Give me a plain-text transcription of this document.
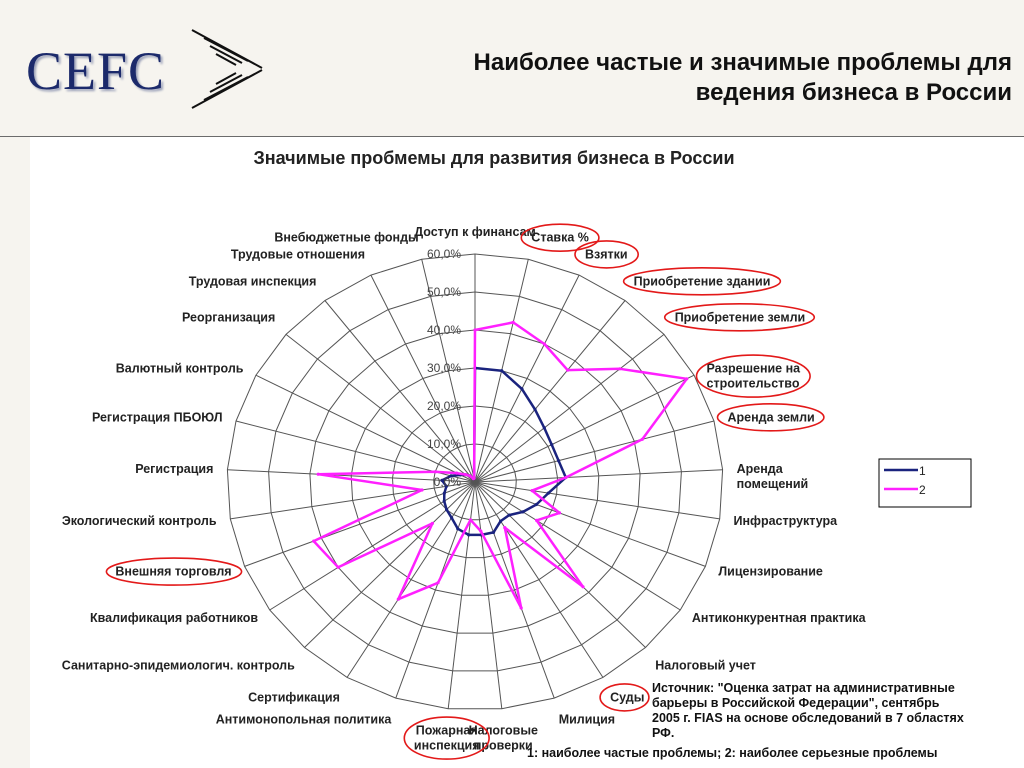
CEFC	Наиболее частые и значимые проблемы для
ведения бизнеса в России
Значимые пробмемы для развития бизнеса в России
0,0%
10,0%
20,0%
30,0%
40,0%
50,0%
60,0%
Доступ к финансам
Ставка %
Взятки
Приобретение здании
Приобретение земли
Разрешение на строительство
Аренда земли
Аренда помещений
Инфраструктура
Лицензирование
Антиконкурентная практика
Налоговый учет
Суды
Милиция
Налоговые проверки
Пожарная инспекция
Антимонопольная политика
Сертификация
Санитарно-эпидемиологич. контроль
Квалификация работников
Внешняя торговля
Экологический контроль
Регистрация
Регистрация ПБОЮЛ
Валютный контроль
Реорганизация
Трудовая инспекция
Трудовые отношения
Внебюджетные фонды
1
2
Источник: "Оценка затрат на административные
барьеры в Российской Федерации", сентябрь
2005 г. FIAS на основе обследований в 7 областях
РФ.
1: наиболее частые проблемы; 2: наиболее серьезные проблемы
